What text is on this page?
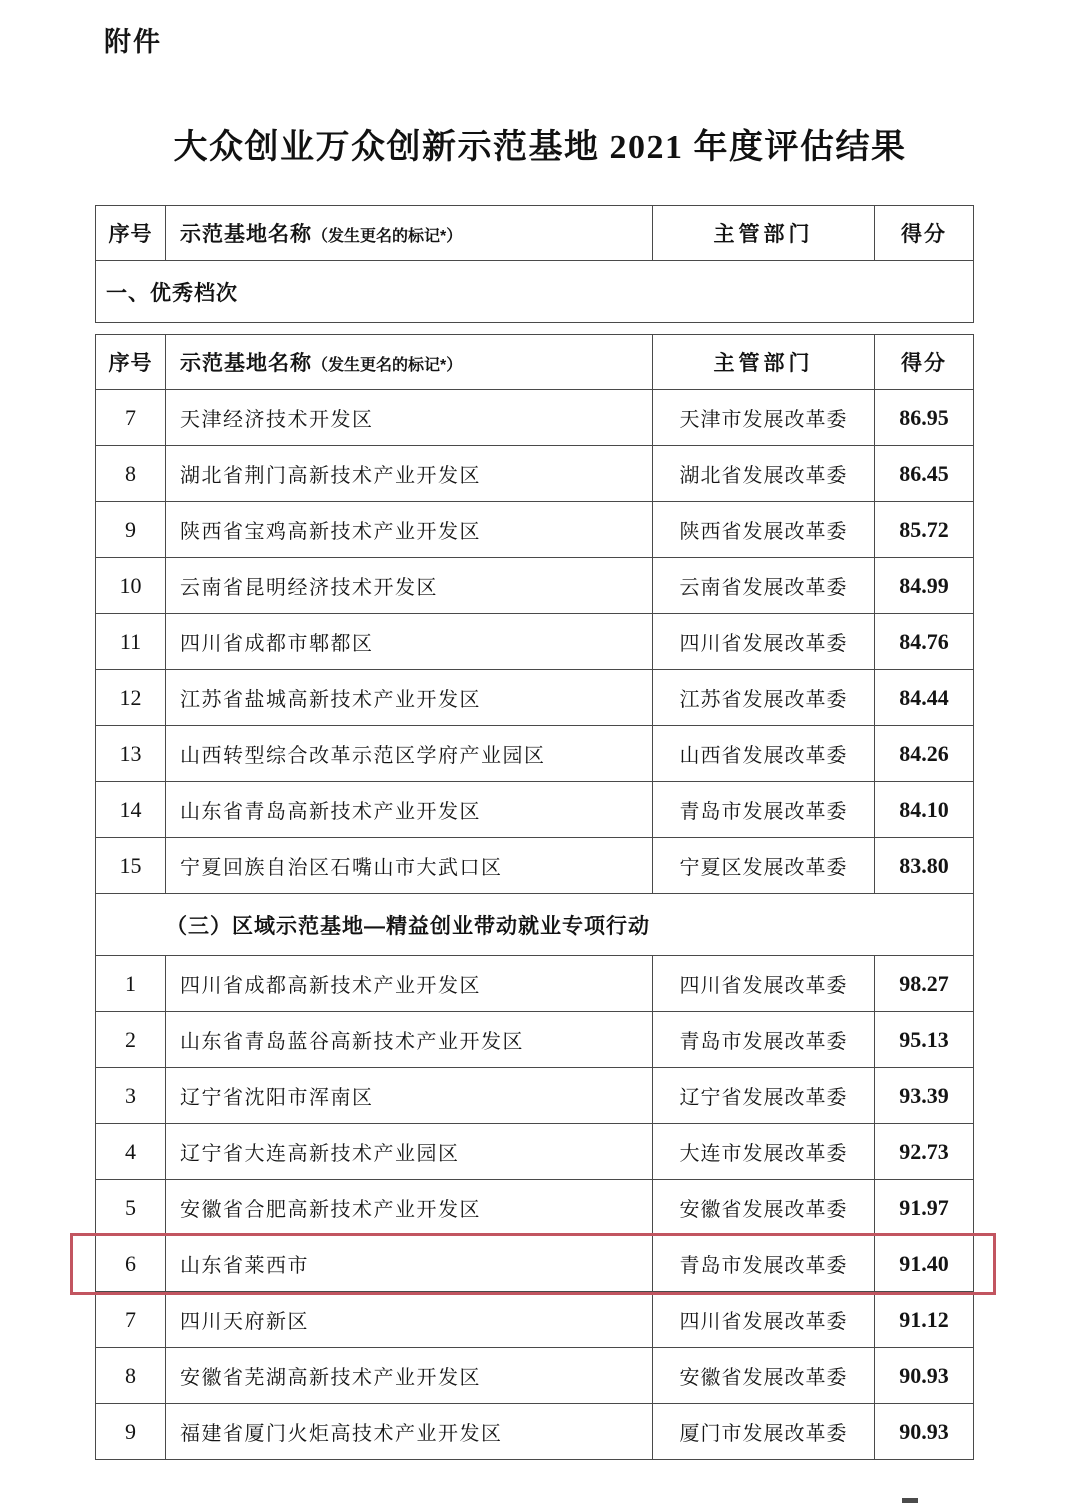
附件
大众创业万众创新示范基地 2021 年度评估结果
序号	示范基地名称（发生更名的标记*）	主管部门	得分
一、优秀档次			

序号	示范基地名称（发生更名的标记*）	主管部门	得分
7	天津经济技术开发区	天津市发展改革委	86.95
8	湖北省荆门高新技术产业开发区	湖北省发展改革委	86.45
9	陕西省宝鸡高新技术产业开发区	陕西省发展改革委	85.72
10	云南省昆明经济技术开发区	云南省发展改革委	84.99
11	四川省成都市郫都区	四川省发展改革委	84.76
12	江苏省盐城高新技术产业开发区	江苏省发展改革委	84.44
13	山西转型综合改革示范区学府产业园区	山西省发展改革委	84.26
14	山东省青岛高新技术产业开发区	青岛市发展改革委	84.10
15	宁夏回族自治区石嘴山市大武口区	宁夏区发展改革委	83.80
（三）区域示范基地—精益创业带动就业专项行动			
1	四川省成都高新技术产业开发区	四川省发展改革委	98.27
2	山东省青岛蓝谷高新技术产业开发区	青岛市发展改革委	95.13
3	辽宁省沈阳市浑南区	辽宁省发展改革委	93.39
4	辽宁省大连高新技术产业园区	大连市发展改革委	92.73
5	安徽省合肥高新技术产业开发区	安徽省发展改革委	91.97
6	山东省莱西市	青岛市发展改革委	91.40
7	四川天府新区	四川省发展改革委	91.12
8	安徽省芜湖高新技术产业开发区	安徽省发展改革委	90.93
9	福建省厦门火炬高技术产业开发区	厦门市发展改革委	90.93
